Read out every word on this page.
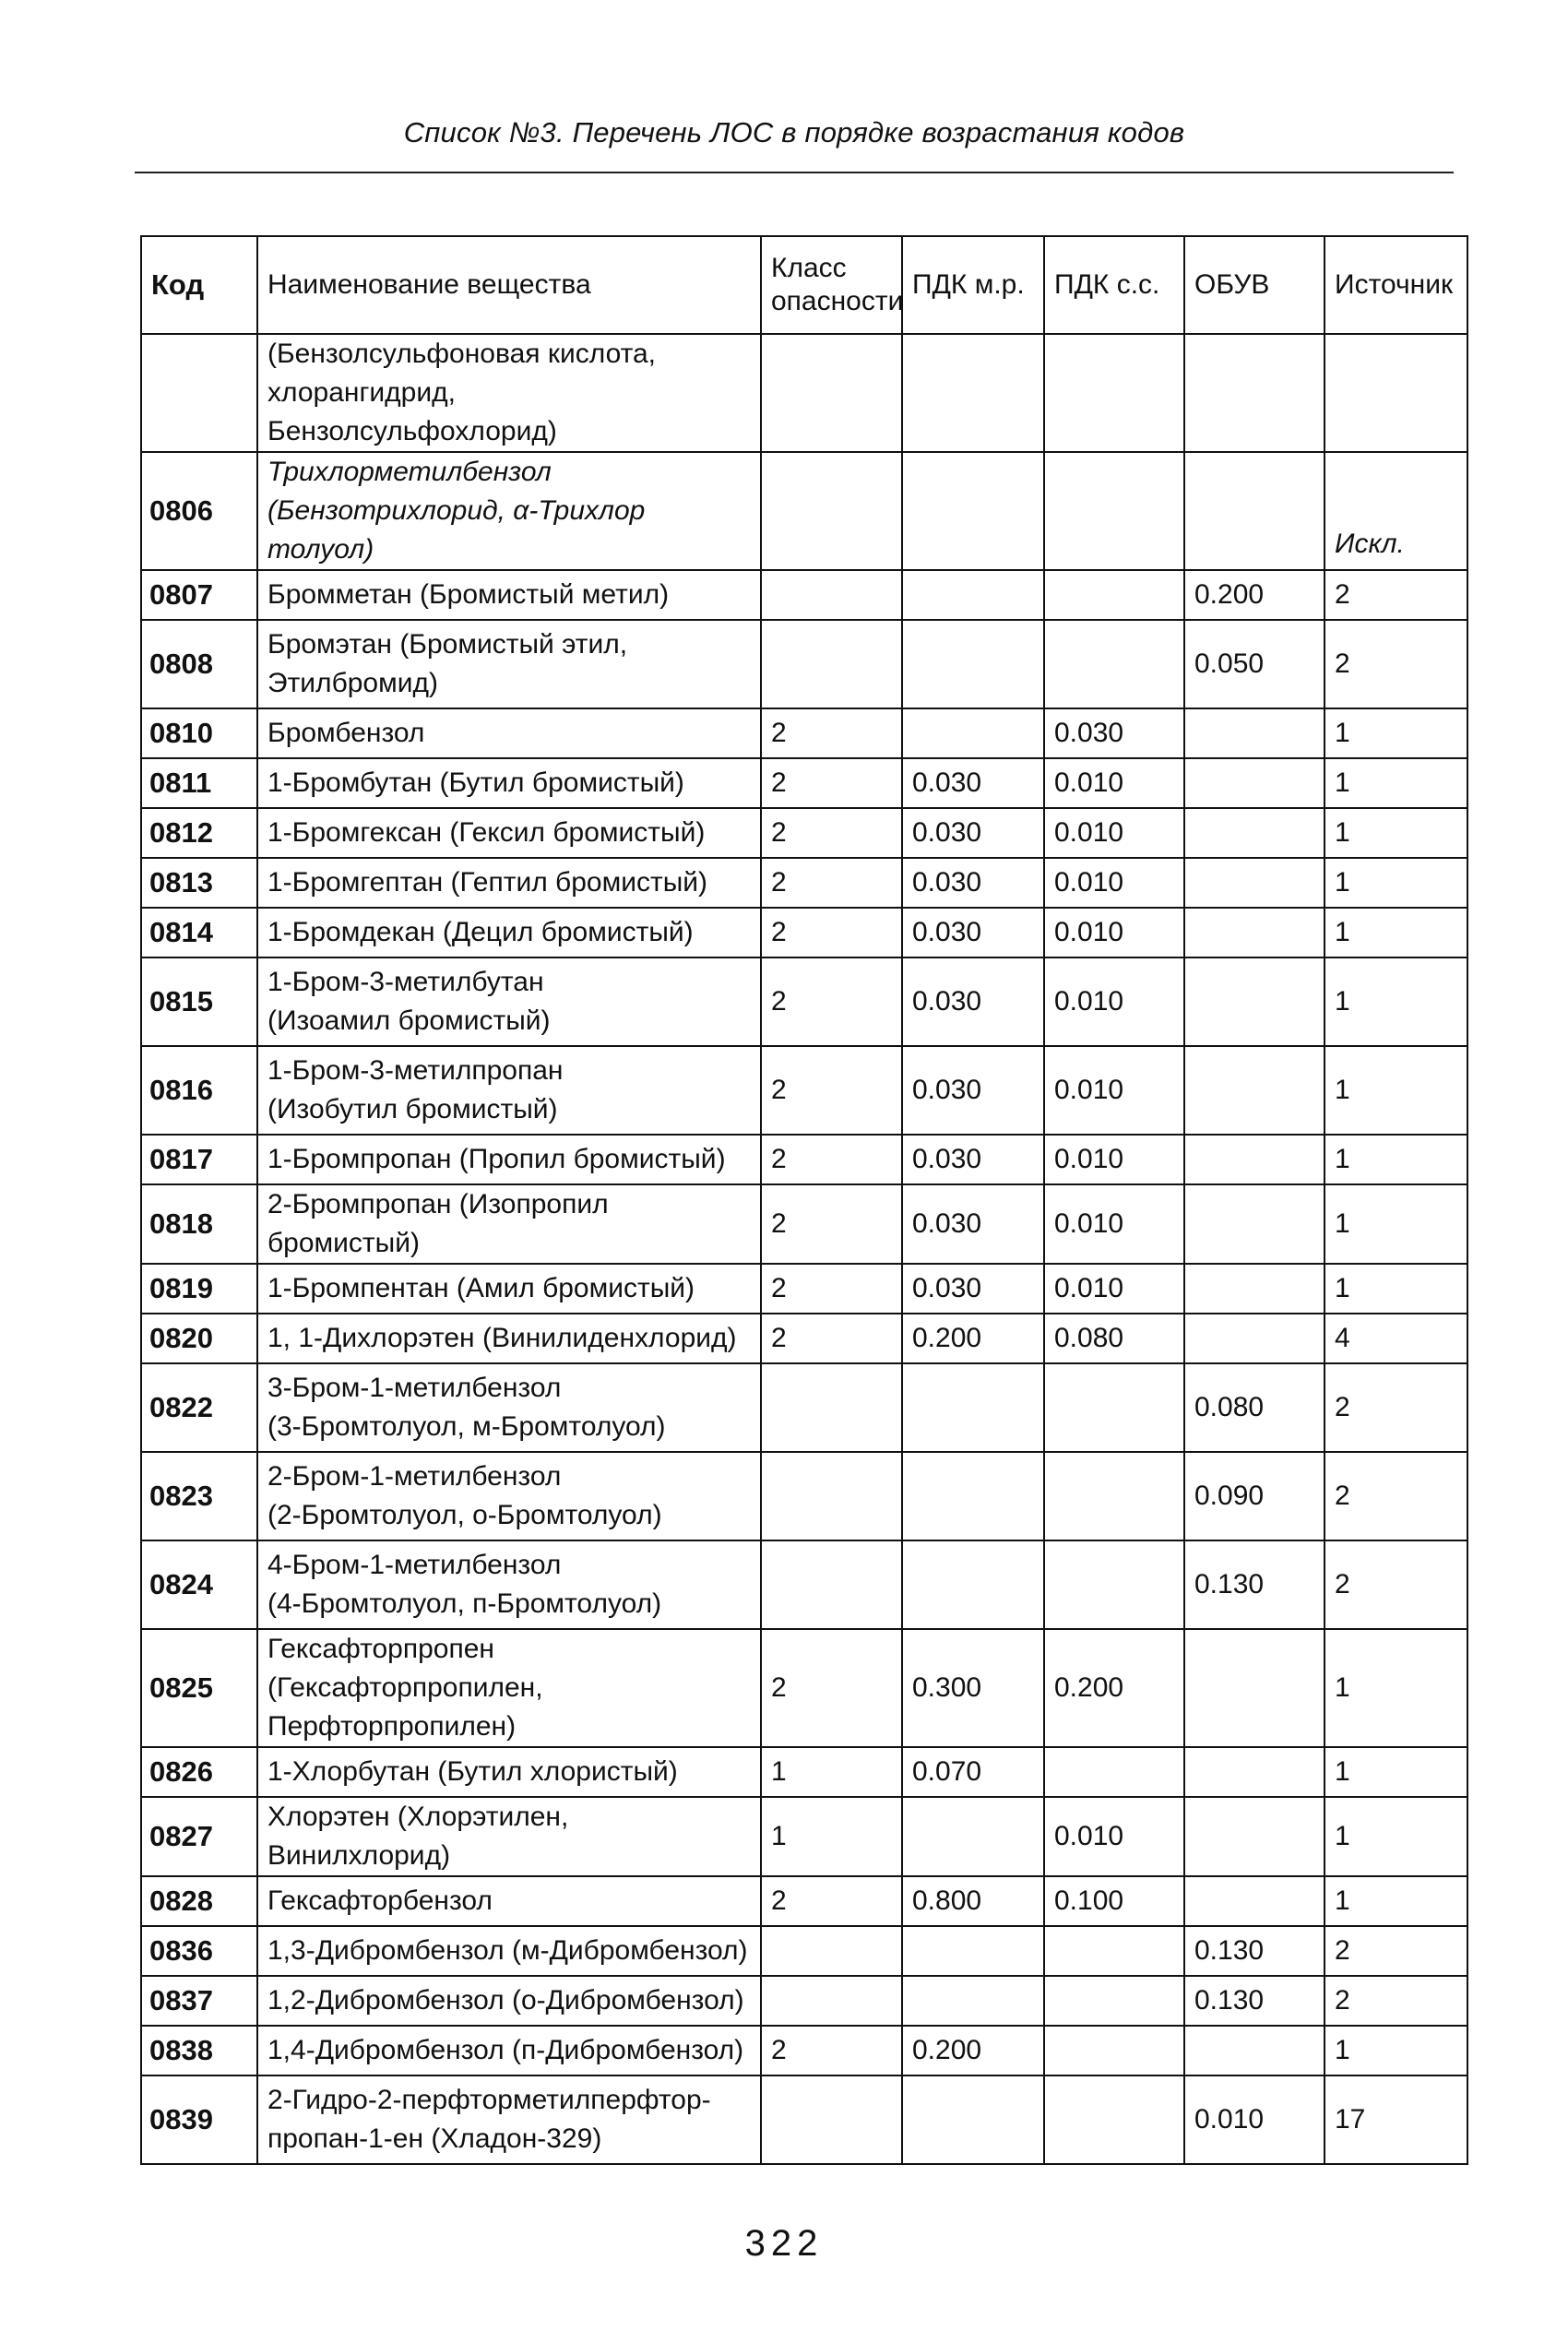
Список №3. Перечень ЛОС в порядке возрастания кодов
Код	Наименование вещества	Класс
опасности	ПДК м.р.	ПДК с.с.	ОБУВ	Источник
	(Бензолсульфоновая кислота,
хлорангидрид, Бензолсульфохлорид)					
0806	Трихлорметилбензол
(Бензотрихлорид, α-Трихлор толуол)					Искл.
0807	Бромметан (Бромистый метил)				0.200	2
0808	Бромэтан (Бромистый этил,
Этилбромид)				0.050	2
0810	Бромбензол	2		0.030		1
0811	1-Бромбутан (Бутил бромистый)	2	0.030	0.010		1
0812	1-Бромгексан (Гексил бромистый)	2	0.030	0.010		1
0813	1-Бромгептан (Гептил бромистый)	2	0.030	0.010		1
0814	1-Бромдекан (Децил бромистый)	2	0.030	0.010		1
0815	1-Бром-3-метилбутан
(Изоамил бромистый)	2	0.030	0.010		1
0816	1-Бром-3-метилпропан
(Изобутил бромистый)	2	0.030	0.010		1
0817	1-Бромпропан (Пропил бромистый)	2	0.030	0.010		1
0818	2-Бромпропан (Изопропил бромистый)	2	0.030	0.010		1
0819	1-Бромпентан (Амил бромистый)	2	0.030	0.010		1
0820	1, 1-Дихлорэтен (Винилиденхлорид)	2	0.200	0.080		4
0822	3-Бром-1-метилбензол
(3-Бромтолуол, м-Бромтолуол)				0.080	2
0823	2-Бром-1-метилбензол
(2-Бромтолуол, о-Бромтолуол)				0.090	2
0824	4-Бром-1-метилбензол
(4-Бромтолуол, п-Бромтолуол)				0.130	2
0825	Гексафторпропен
(Гексафторпропилен, Перфторпропилен)	2	0.300	0.200		1
0826	1-Хлорбутан (Бутил хлористый)	1	0.070			1
0827	Хлорэтен (Хлорэтилен, Винилхлорид)	1		0.010		1
0828	Гексафторбензол	2	0.800	0.100		1
0836	1,3-Дибромбензол (м-Дибромбензол)				0.130	2
0837	1,2-Дибромбензол (о-Дибромбензол)				0.130	2
0838	1,4-Дибромбензол (п-Дибромбензол)	2	0.200			1
0839	2-Гидро-2-перфторметилперфтор-
пропан-1-ен (Хладон-329)				0.010	17
322
